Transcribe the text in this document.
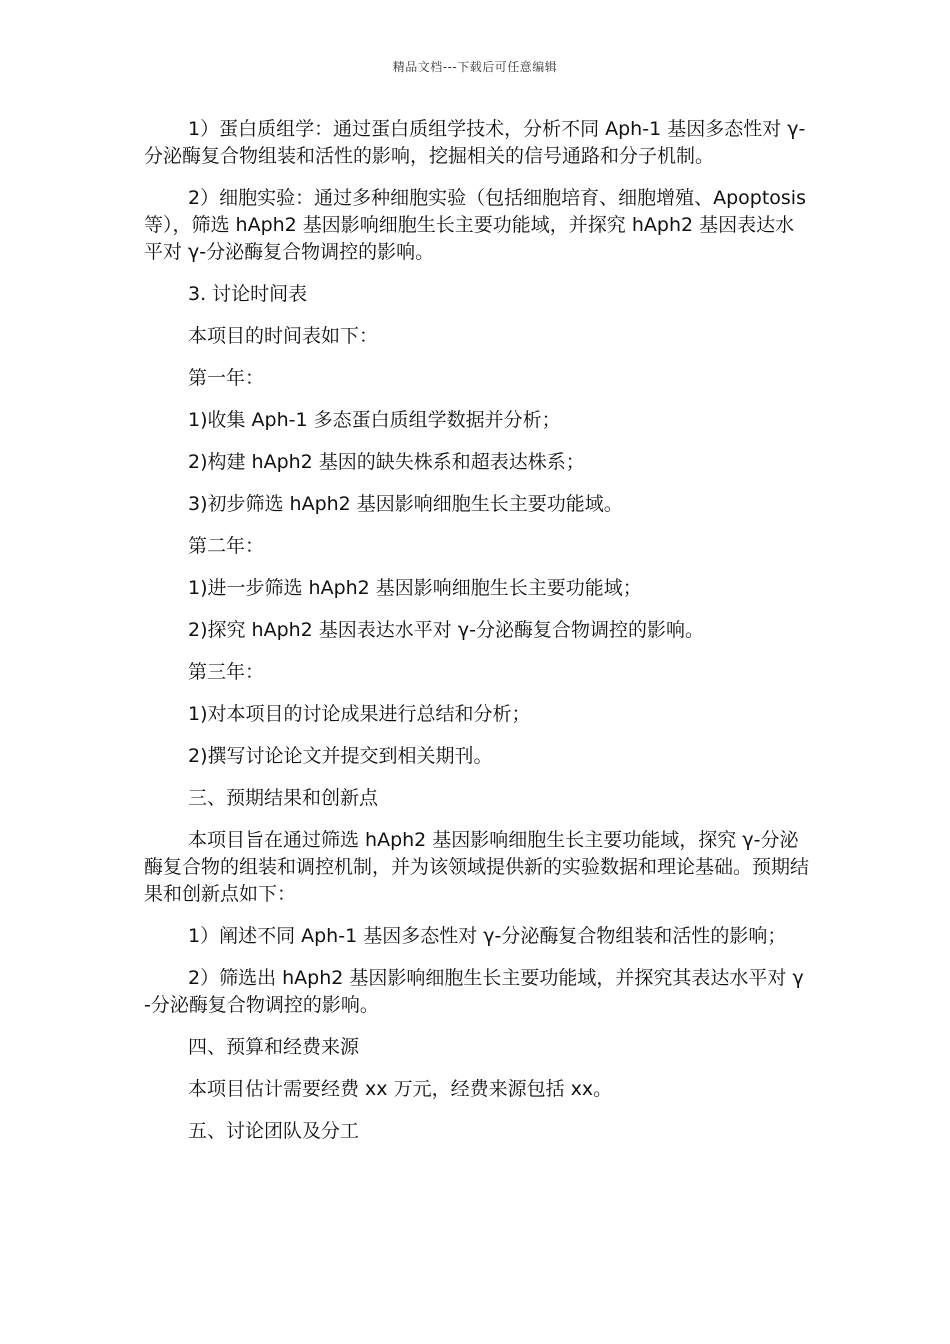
精品文档---下载后可任意编辑

1）蛋白质组学：通过蛋白质组学技术，分析不同 Aph-1 基因多态性对 γ-分泌酶复合物组装和活性的影响，挖掘相关的信号通路和分子机制。

2）细胞实验：通过多种细胞实验（包括细胞培育、细胞增殖、Apoptosis 等），筛选 hAph2 基因影响细胞生长主要功能域，并探究 hAph2 基因表达水平对 γ-分泌酶复合物调控的影响。

3. 讨论时间表

本项目的时间表如下：

第一年：

1)收集 Aph-1 多态蛋白质组学数据并分析；

2)构建 hAph2 基因的缺失株系和超表达株系；

3)初步筛选 hAph2 基因影响细胞生长主要功能域。

第二年：

1)进一步筛选 hAph2 基因影响细胞生长主要功能域；

2)探究 hAph2 基因表达水平对 γ-分泌酶复合物调控的影响。

第三年：

1)对本项目的讨论成果进行总结和分析；

2)撰写讨论论文并提交到相关期刊。

三、预期结果和创新点

本项目旨在通过筛选 hAph2 基因影响细胞生长主要功能域，探究 γ-分泌酶复合物的组装和调控机制，并为该领域提供新的实验数据和理论基础。预期结果和创新点如下：

1）阐述不同 Aph-1 基因多态性对 γ-分泌酶复合物组装和活性的影响；

2）筛选出 hAph2 基因影响细胞生长主要功能域，并探究其表达水平对 γ-分泌酶复合物调控的影响。

四、预算和经费来源

本项目估计需要经费 xx 万元，经费来源包括 xx。

五、讨论团队及分工
